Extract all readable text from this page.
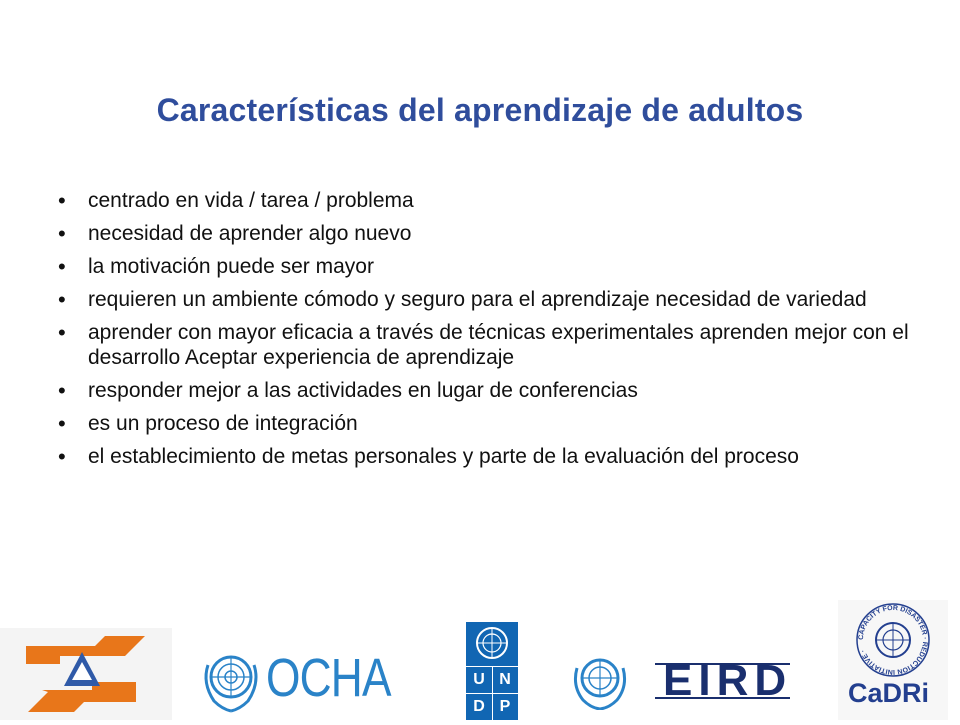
Características del aprendizaje de adultos
• centrado en vida / tarea / problema
• necesidad de aprender algo nuevo
• la motivación puede ser mayor
• requieren un ambiente cómodo y seguro para el aprendizaje necesidad de variedad
• aprender con mayor eficacia a través de técnicas experimentales aprenden mejor con el desarrollo Aceptar experiencia de aprendizaje
• responder mejor a las actividades en lugar de conferencias
• es un proceso de integración
• el establecimiento de metas personales y parte de la evaluación del proceso
OCHA	U N
D P
EIRD
CAPACITY FOR DISASTER · REDUCTION INITIATIVE ·
CaDRi
